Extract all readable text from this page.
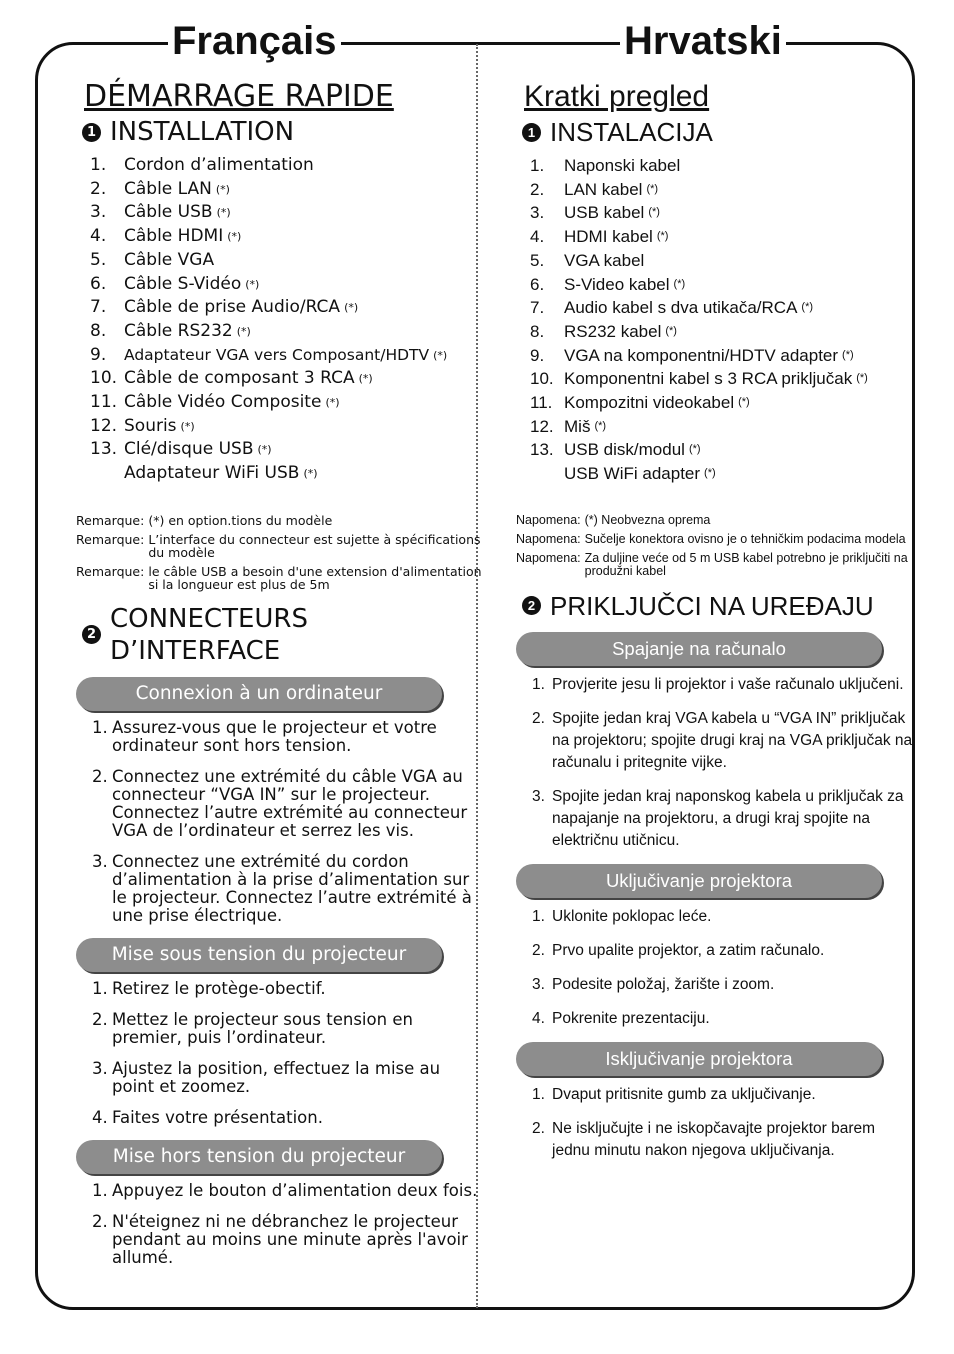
Français	Hrvatski
DÉMARRAGE RAPIDE
1 INSTALLATION
1.	Cordon d’alimentation
2.	Câble LAN (*)
3.	Câble USB (*)
4.	Câble HDMI (*)
5.	Câble VGA
6.	Câble S-Vidéo (*)
7.	Câble de prise Audio/RCA (*)
8.	Câble RS232 (*)
9.	Adaptateur VGA vers Composant/HDTV (*)
10. Câble de composant 3 RCA (*)
11. Câble Vidéo Composite (*)
12. Souris (*)
13. Clé/disque USB (*)
Adaptateur WiFi USB (*)
Remarque: (*) en option.tions du modèle
Remarque: L’interface du connecteur est sujette à spécifications du modèle
Remarque: le câble USB a besoin d'une extension d'alimentation si la longueur est plus de 5m
2
CONNECTEURS D’INTERFACE
Connexion à un ordinateur
1. Assurez-vous que le projecteur et votre ordinateur sont hors tension.
2. Connectez une extrémité du câble VGA au connecteur “VGA IN” sur le projecteur. Connectez l’autre extrémité au connecteur VGA de l’ordinateur et serrez les vis.
3. Connectez une extrémité du cordon d’alimentation à la prise d’alimentation sur le projecteur. Connectez l’autre extrémité à une prise électrique.
Mise sous tension du projecteur
1. Retirez le protège-obectif.
2. Mettez le projecteur sous tension en premier, puis l’ordinateur.
3. Ajustez la position, effectuez la mise au point et zoomez.
4. Faites votre présentation.
Mise hors tension du projecteur
1. Appuyez le bouton d’alimentation deux fois.
2. N'éteignez ni ne débranchez le projecteur pendant au moins une minute après l'avoir allumé.
Kratki pregled
1 INSTALACIJA
1.	Naponski kabel
2.	LAN kabel (*)
3.	USB kabel (*)
4.	HDMI kabel (*)
5.	VGA kabel
6.	S-Video kabel (*)
7.	Audio kabel s dva utikača/RCA (*)
8.	RS232 kabel (*)
9.	VGA na komponentni/HDTV adapter (*)
10. Komponentni kabel s 3 RCA priključak (*)
11. Kompozitni videokabel (*)
12. Miš (*)
13. USB disk/modul (*)
USB WiFi adapter (*)
Napomena: (*) Neobvezna oprema
Napomena: Sučelje konektora ovisno je o tehničkim podacima modela
Napomena: Za duljine veće od 5 m USB kabel potrebno je priključiti na produžni kabel
2 PRIKLJUČCI NA UREĐAJU
Spajanje na računalo
1. Provjerite jesu li projektor i vaše računalo uključeni.
2. Spojite jedan kraj VGA kabela u “VGA IN” priključak na projektoru; spojite drugi kraj na VGA priključak na računalu i pritegnite vijke.
3. Spojite jedan kraj naponskog kabela u priključak za napajanje na projektoru, a drugi kraj spojite na električnu utičnicu.
Uključivanje projektora
1. Uklonite poklopac leće.
2. Prvo upalite projektor, a zatim računalo.
3. Podesite položaj, žarište i zoom.
4. Pokrenite prezentaciju.
Isključivanje projektora
1. Dvaput pritisnite gumb za uključivanje.
2. Ne isključujte i ne iskopčavajte projektor barem jednu minutu nakon njegova uključivanja.
